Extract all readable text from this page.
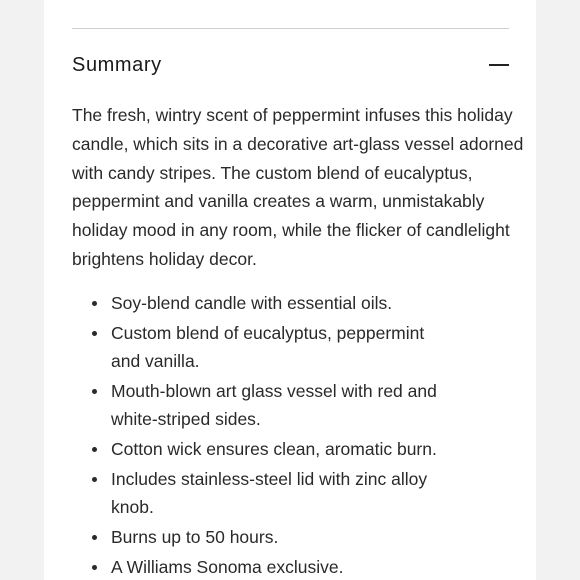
Summary

The fresh, wintry scent of peppermint infuses this holiday candle, which sits in a decorative art-glass vessel adorned with candy stripes. The custom blend of eucalyptus, peppermint and vanilla creates a warm, unmistakably holiday mood in any room, while the flicker of candlelight brightens holiday decor.

Soy-blend candle with essential oils.
Custom blend of eucalyptus, peppermint and vanilla.
Mouth-blown art glass vessel with red and white-striped sides.
Cotton wick ensures clean, aromatic burn.
Includes stainless-steel lid with zinc alloy knob.
Burns up to 50 hours.
A Williams Sonoma exclusive.
